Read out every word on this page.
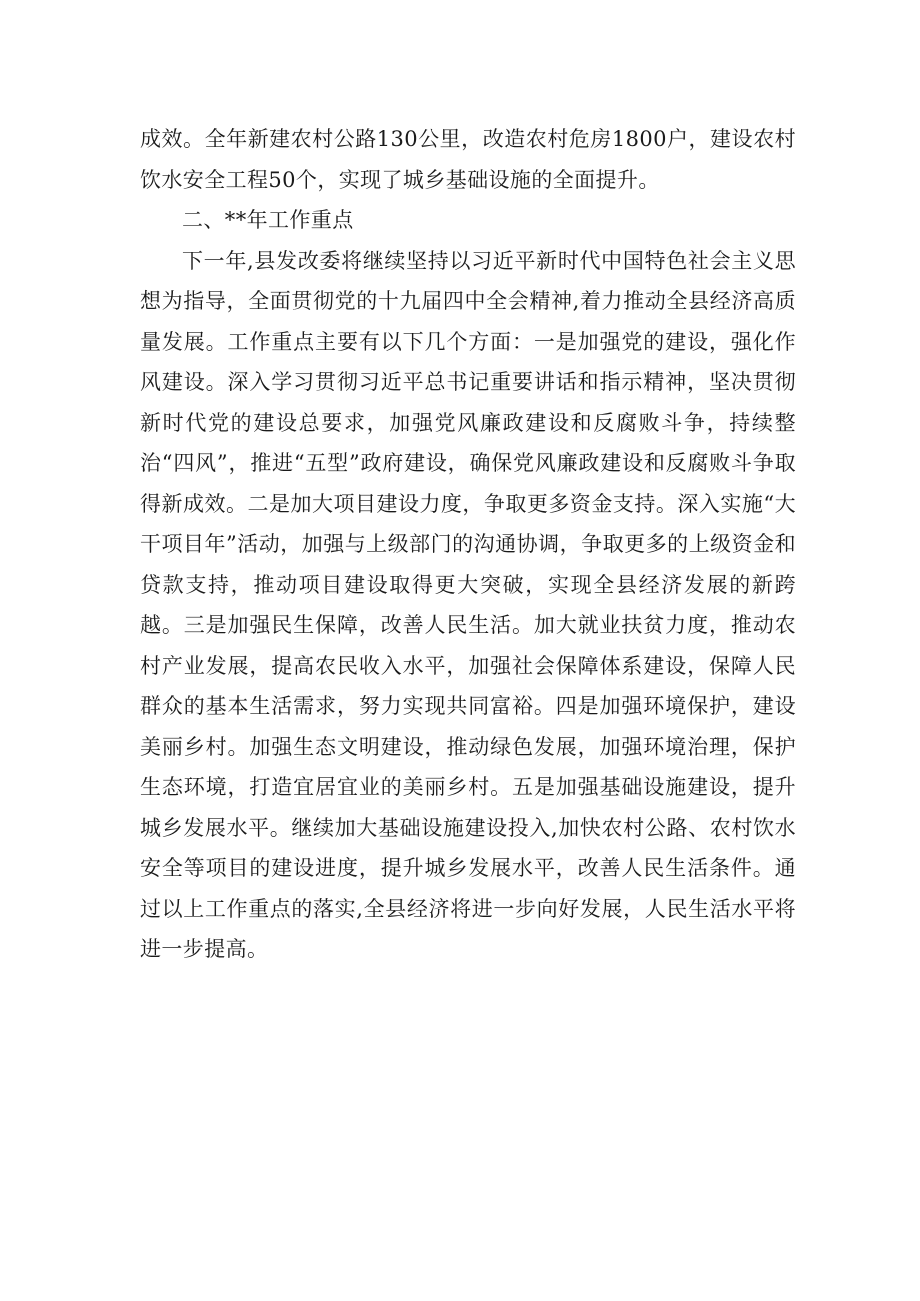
成效。全年新建农村公路130公里，改造农村危房1800户，建设农村饮水安全工程50个，实现了城乡基础设施的全面提升。

二、**年工作重点

下一年,县发改委将继续坚持以习近平新时代中国特色社会主义思想为指导，全面贯彻党的十九届四中全会精神,着力推动全县经济高质量发展。工作重点主要有以下几个方面：一是加强党的建设，强化作风建设。深入学习贯彻习近平总书记重要讲话和指示精神，坚决贯彻新时代党的建设总要求，加强党风廉政建设和反腐败斗争，持续整治“四风”，推进“五型”政府建设，确保党风廉政建设和反腐败斗争取得新成效。二是加大项目建设力度，争取更多资金支持。深入实施“大干项目年”活动，加强与上级部门的沟通协调，争取更多的上级资金和贷款支持，推动项目建设取得更大突破，实现全县经济发展的新跨越。三是加强民生保障，改善人民生活。加大就业扶贫力度，推动农村产业发展，提高农民收入水平，加强社会保障体系建设，保障人民群众的基本生活需求，努力实现共同富裕。四是加强环境保护，建设美丽乡村。加强生态文明建设，推动绿色发展，加强环境治理，保护生态环境，打造宜居宜业的美丽乡村。五是加强基础设施建设，提升城乡发展水平。继续加大基础设施建设投入,加快农村公路、农村饮水安全等项目的建设进度，提升城乡发展水平，改善人民生活条件。通过以上工作重点的落实,全县经济将进一步向好发展，人民生活水平将进一步提高。
